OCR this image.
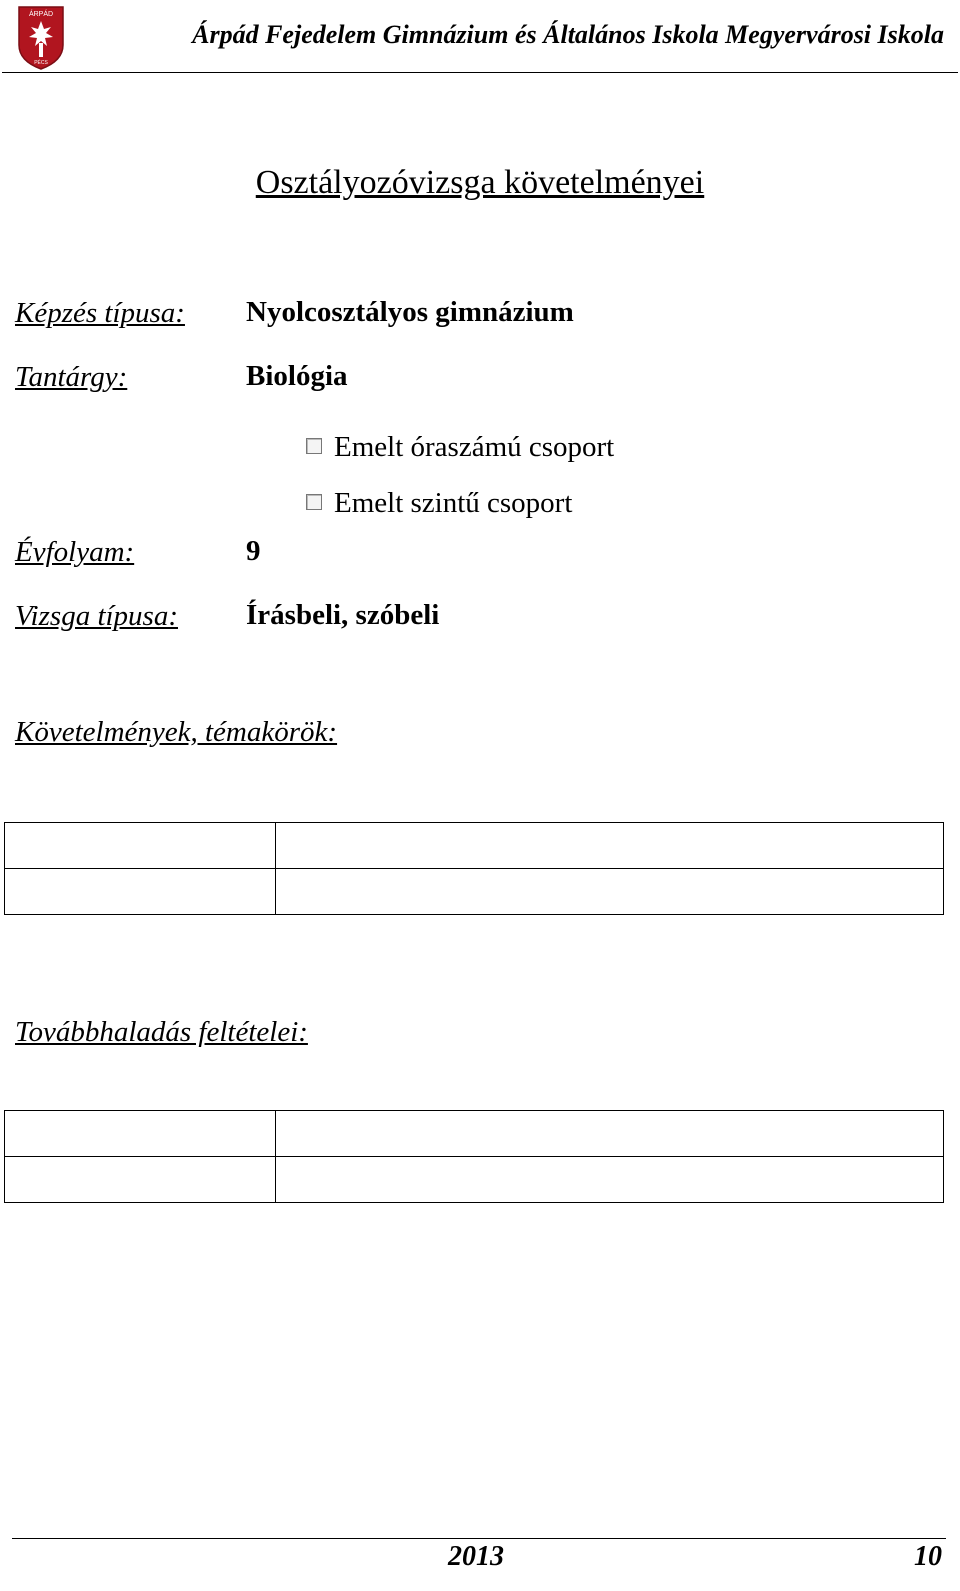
ÁRPÁD
PÉCS
Árpád Fejedelem Gimnázium és Általános Iskola Megyervárosi Iskola
Osztályozóvizsga követelményei
Képzés típusa: Nyolcosztályos gimnázium
Tantárgy:	Biológia
Emelt óraszámú csoport
Emelt szintű csoport
Évfolyam:	9
Vizsga típusa: Írásbeli, szóbeli
Követelmények, témakörök:

Továbbhaladás feltételei:

2013	10
